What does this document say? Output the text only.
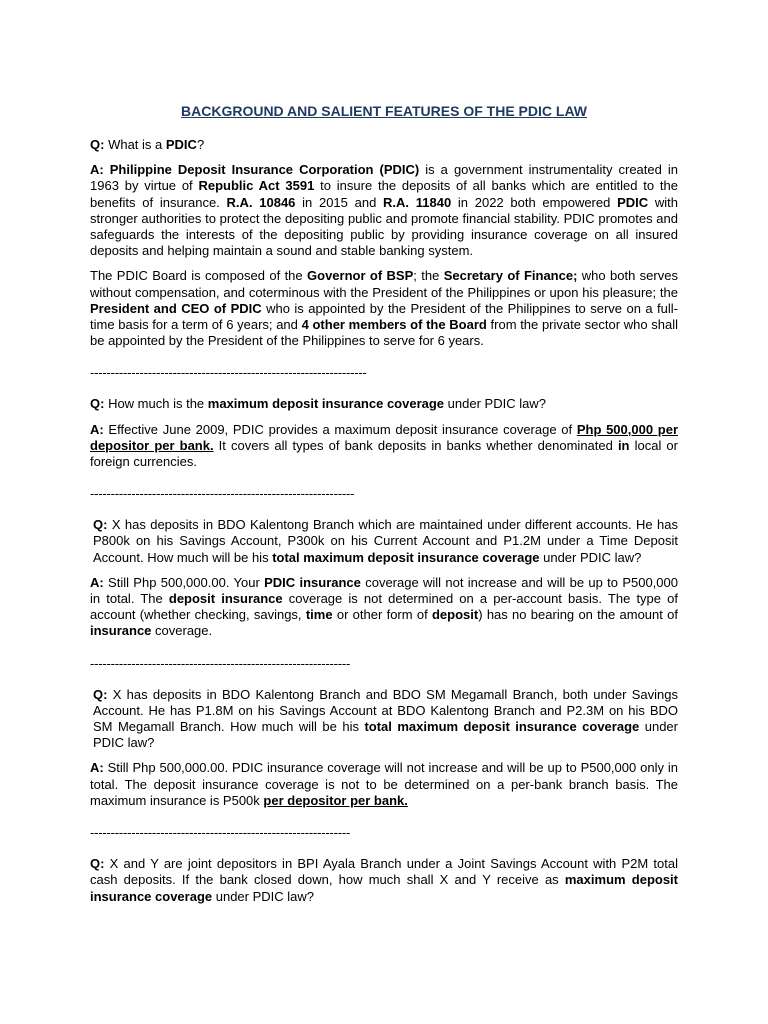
BACKGROUND AND SALIENT FEATURES OF THE PDIC LAW
Q: What is a PDIC?
A: Philippine Deposit Insurance Corporation (PDIC) is a government instrumentality created in 1963 by virtue of Republic Act 3591 to insure the deposits of all banks which are entitled to the benefits of insurance. R.A. 10846 in 2015 and R.A. 11840 in 2022 both empowered PDIC with stronger authorities to protect the depositing public and promote financial stability. PDIC promotes and safeguards the interests of the depositing public by providing insurance coverage on all insured deposits and helping maintain a sound and stable banking system.
The PDIC Board is composed of the Governor of BSP; the Secretary of Finance; who both serves without compensation, and coterminous with the President of the Philippines or upon his pleasure; the President and CEO of PDIC who is appointed by the President of the Philippines to serve on a full-time basis for a term of 6 years; and 4 other members of the Board from the private sector who shall be appointed by the President of the Philippines to serve for 6 years.
-------------------------------------------------------------------
Q: How much is the maximum deposit insurance coverage under PDIC law?
A: Effective June 2009, PDIC provides a maximum deposit insurance coverage of Php 500,000 per depositor per bank. It covers all types of bank deposits in banks whether denominated in local or foreign currencies.
----------------------------------------------------------------
Q: X has deposits in BDO Kalentong Branch which are maintained under different accounts. He has P800k on his Savings Account, P300k on his Current Account and P1.2M under a Time Deposit Account. How much will be his total maximum deposit insurance coverage under PDIC law?
A: Still Php 500,000.00. Your PDIC insurance coverage will not increase and will be up to P500,000 in total. The deposit insurance coverage is not determined on a per-account basis. The type of account (whether checking, savings, time or other form of deposit) has no bearing on the amount of insurance coverage.
---------------------------------------------------------------
Q: X has deposits in BDO Kalentong Branch and BDO SM Megamall Branch, both under Savings Account. He has P1.8M on his Savings Account at BDO Kalentong Branch and P2.3M on his BDO SM Megamall Branch. How much will be his total maximum deposit insurance coverage under PDIC law?
A: Still Php 500,000.00. PDIC insurance coverage will not increase and will be up to P500,000 only in total. The deposit insurance coverage is not to be determined on a per-bank branch basis. The maximum insurance is P500k per depositor per bank.
---------------------------------------------------------------
Q: X and Y are joint depositors in BPI Ayala Branch under a Joint Savings Account with P2M total cash deposits. If the bank closed down, how much shall X and Y receive as maximum deposit insurance coverage under PDIC law?
